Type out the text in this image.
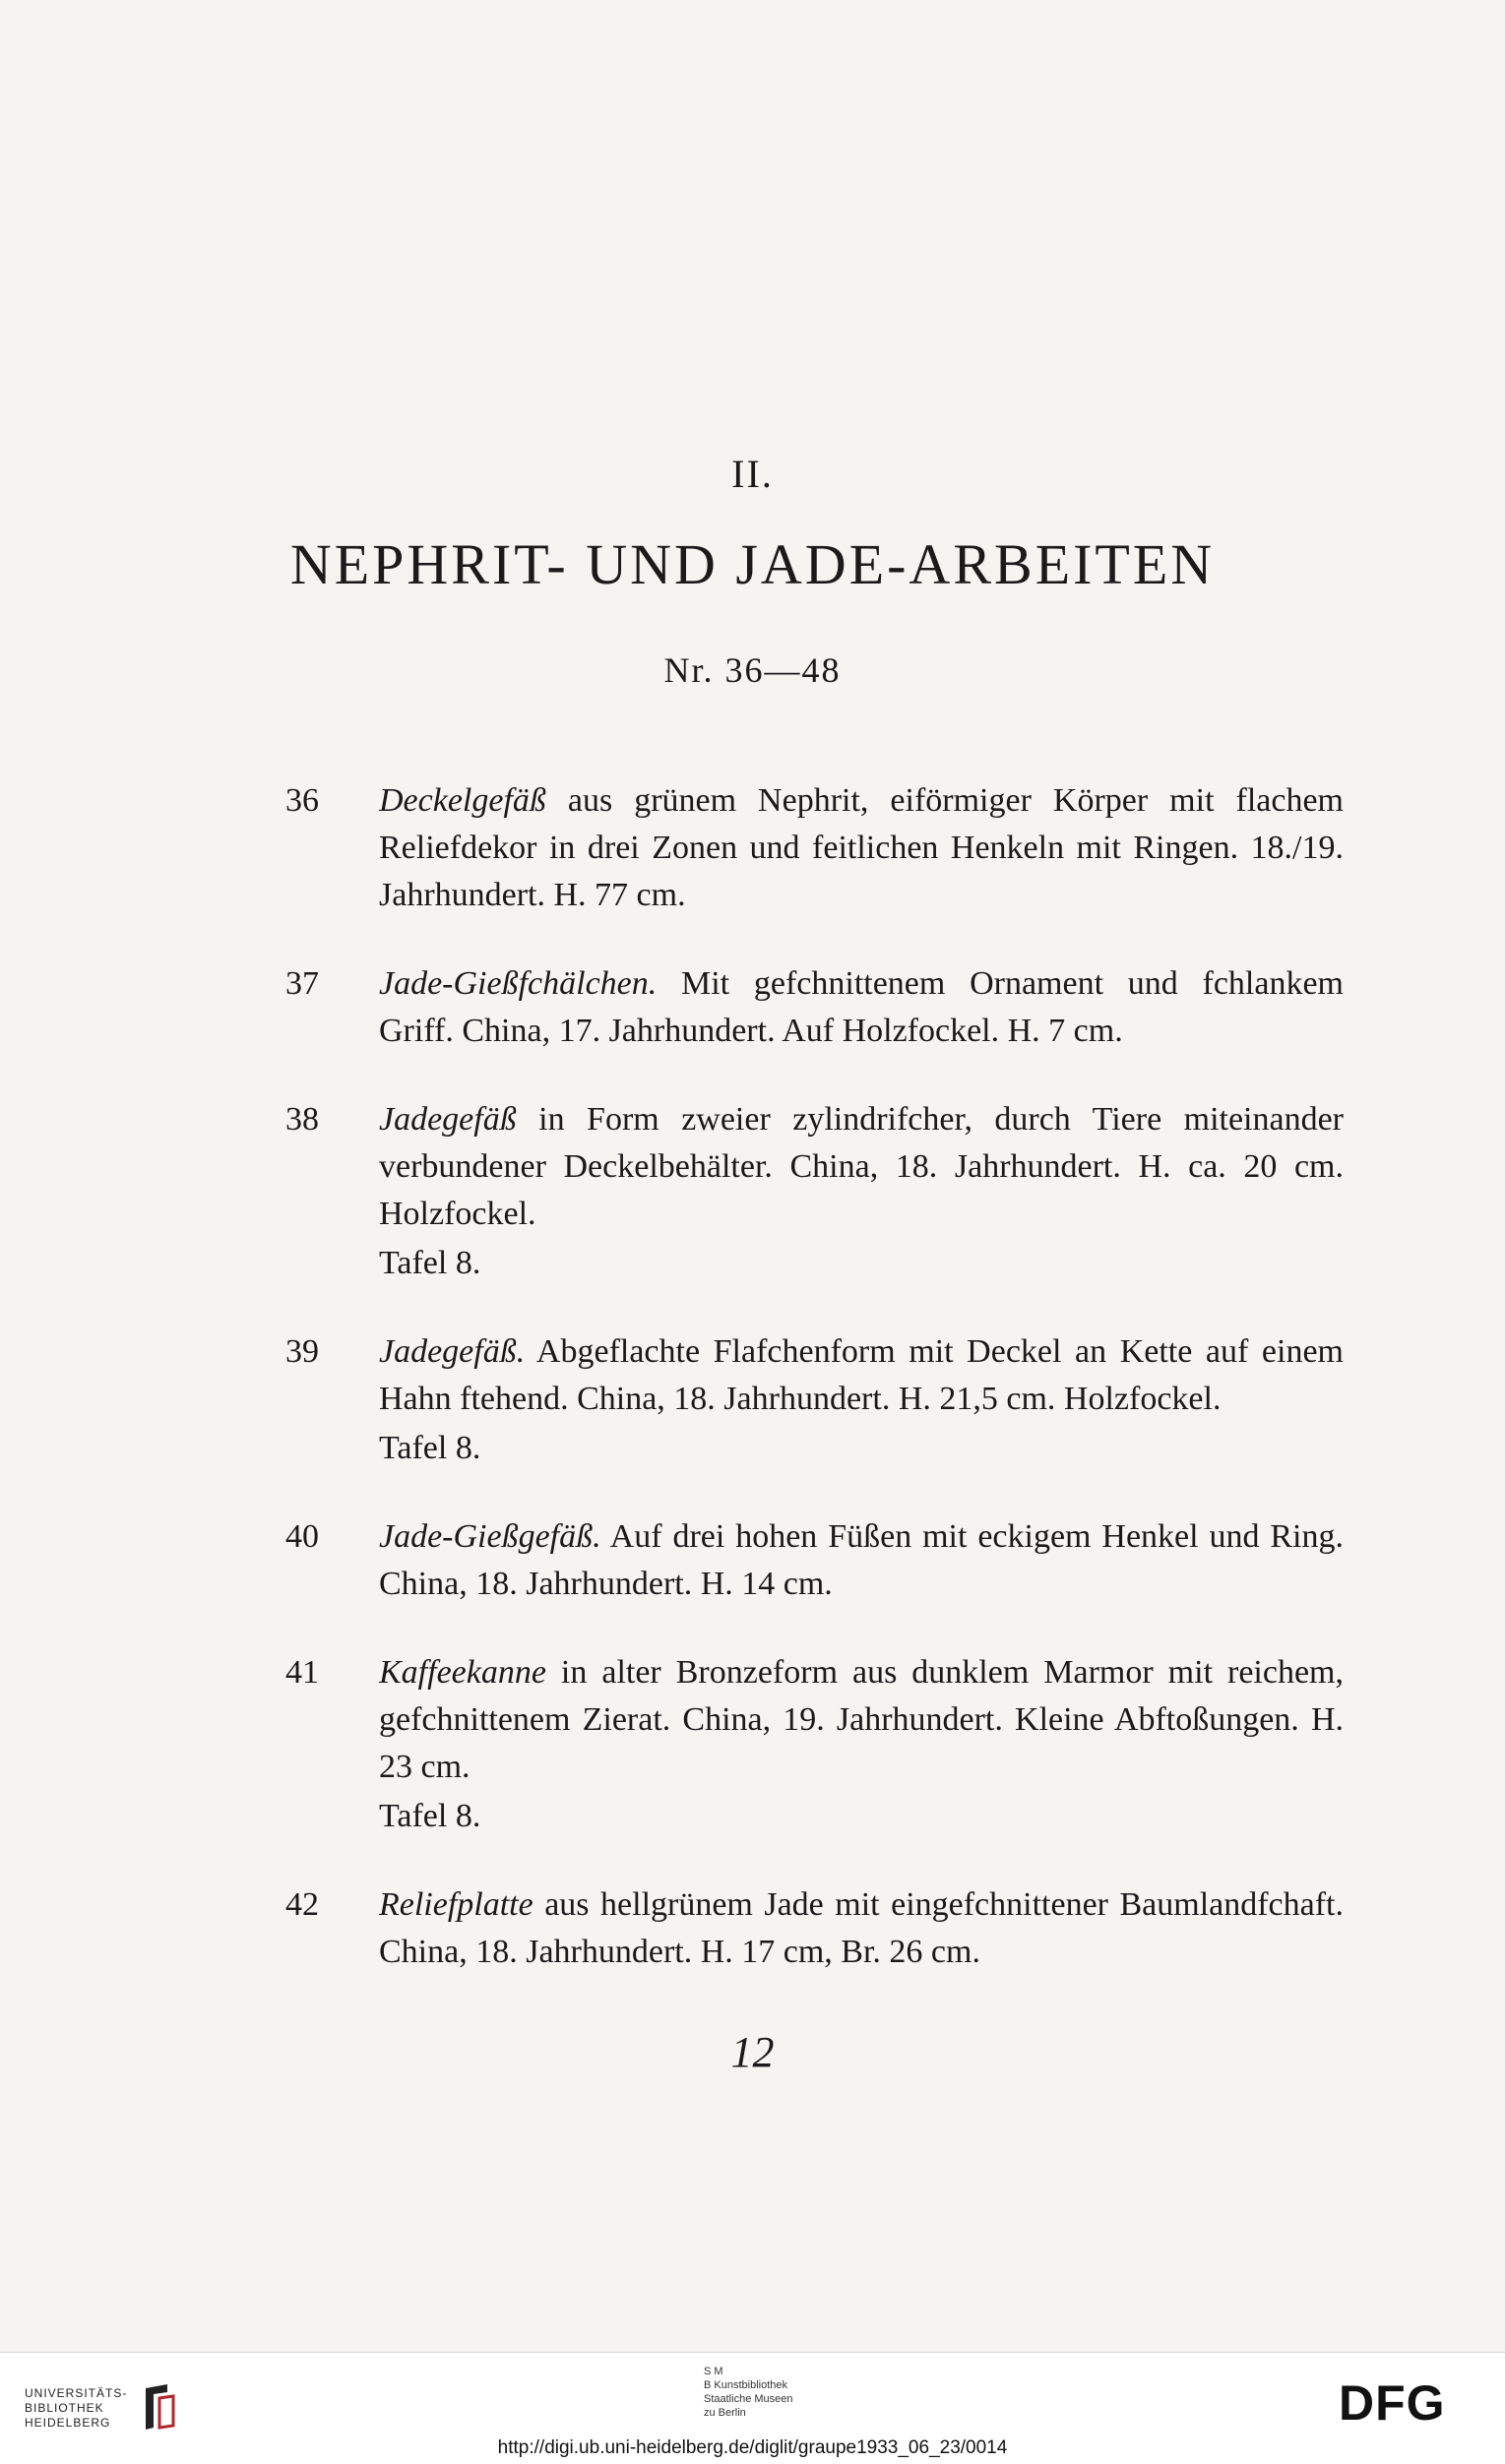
II.
NEPHRIT- UND JADE-ARBEITEN
Nr. 36—48
36	Deckelgefäß aus grünem Nephrit, eiförmiger Körper mit flachem Reliefdekor in drei Zonen und feitlichen Henkeln mit Ringen. 18./19. Jahrhundert. H. 77 cm.
37	Jade-Gießfchälchen. Mit gefchnittenem Ornament und fchlankem Griff. China, 17. Jahrhundert. Auf Holzfockel. H. 7 cm.
38	Jadegefäß in Form zweier zylindrifcher, durch Tiere miteinander verbundener Deckelbehälter. China, 18. Jahrhundert. H. ca. 20 cm. Holzfockel.
Tafel 8.
39	Jadegefäß. Abgeflachte Flafchenform mit Deckel an Kette auf einem Hahn ftehend. China, 18. Jahrhundert. H. 21,5 cm. Holzfockel.
Tafel 8.
40	Jade-Gießgefäß. Auf drei hohen Füßen mit eckigem Henkel und Ring. China, 18. Jahrhundert. H. 14 cm.
41	Kaffeekanne in alter Bronzeform aus dunklem Marmor mit reichem, gefchnittenem Zierat. China, 19. Jahrhundert. Kleine Abftoßungen. H. 23 cm.
Tafel 8.
42	Reliefplatte aus hellgrünem Jade mit eingefchnittener Baumlandfchaft. China, 18. Jahrhundert. H. 17 cm, Br. 26 cm.
12
UNIVERSITÄTS-
BIBLIOTHEK
HEIDELBERG
S M
B Kunstbibliothek
Staatliche Museen
zu Berlin	DFG
http://digi.ub.uni-heidelberg.de/diglit/graupe1933_06_23/0014
